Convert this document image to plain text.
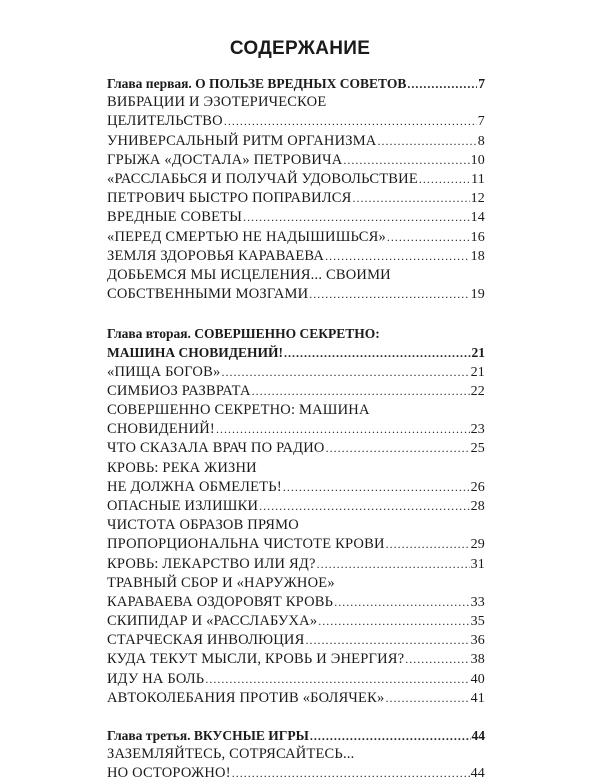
СОДЕРЖАНИЕ
Глава первая. О ПОЛЬЗЕ ВРЕДНЫХ СОВЕТОВ .....	7
ВИБРАЦИИ И ЭЗОТЕРИЧЕСКОЕ
ЦЕЛИТЕЛЬСТВО .....	7
УНИВЕРСАЛЬНЫЙ РИТМ ОРГАНИЗМА .....	8
ГРЫЖА «ДОСТАЛА» ПЕТРОВИЧА .....	10
«РАССЛАБЬСЯ И ПОЛУЧАЙ УДОВОЛЬСТВИЕ .....	11
ПЕТРОВИЧ БЫСТРО ПОПРАВИЛСЯ .....	12
ВРЕДНЫЕ СОВЕТЫ .....	14
«ПЕРЕД СМЕРТЬЮ НЕ НАДЫШИШЬСЯ» .....	16
ЗЕМЛЯ ЗДОРОВЬЯ КАРАВАЕВА .....	18
ДОБЬЕМСЯ МЫ ИСЦЕЛЕНИЯ... СВОИМИ
СОБСТВЕННЫМИ МОЗГАМИ .....	19
Глава вторая. СОВЕРШЕННО СЕКРЕТНО:
МАШИНА СНОВИДЕНИЙ! .....	21
«ПИЩА БОГОВ» .....	21
СИМБИОЗ РАЗВРАТА .....	22
СОВЕРШЕННО СЕКРЕТНО: МАШИНА
СНОВИДЕНИЙ! .....	23
ЧТО СКАЗАЛА ВРАЧ ПО РАДИО .....	25
КРОВЬ: РЕКА ЖИЗНИ
НЕ ДОЛЖНА ОБМЕЛЕТЬ! .....	26
ОПАСНЫЕ ИЗЛИШКИ .....	28
ЧИСТОТА ОБРАЗОВ ПРЯМО
ПРОПОРЦИОНАЛЬНА ЧИСТОТЕ КРОВИ .....	29
КРОВЬ: ЛЕКАРСТВО ИЛИ ЯД? .....	31
ТРАВНЫЙ СБОР И «НАРУЖНОЕ»
КАРАВАЕВА ОЗДОРОВЯТ КРОВЬ .....	33
СКИПИДАР И «РАССЛАБУХА» .....	35
СТАРЧЕСКАЯ ИНВОЛЮЦИЯ .....	36
КУДА ТЕКУТ МЫСЛИ, КРОВЬ И ЭНЕРГИЯ? .....	38
ИДУ НА БОЛЬ .....	40
АВТОКОЛЕБАНИЯ ПРОТИВ «БОЛЯЧЕК» .....	41
Глава третья. ВКУСНЫЕ ИГРЫ .....	44
ЗАЗЕМЛЯЙТЕСЬ, СОТРЯСАЙТЕСЬ...
НО ОСТОРОЖНО! .....	44
